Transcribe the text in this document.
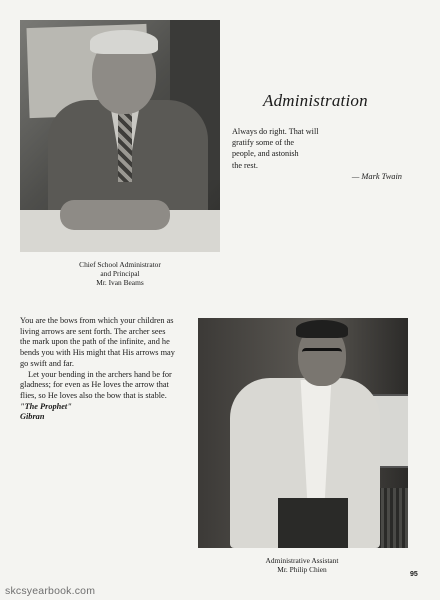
Chief School Administrator
and Principal
Mr. Ivan Beams
Administration
Always do right. That will
gratify some of the
people, and astonish
the rest.
— Mark Twain
You are the bows from which your children as
living arrows are sent forth. The archer sees
the mark upon the path of the infinite, and he
bends you with His might that His arrows may
go swift and far.
Let your bending in the archers hand be for
gladness; for even as He loves the arrow that
flies, so He loves also the bow that is stable.
"The Prophet"
Gibran
Administrative Assistant
Mr. Philip Chien
95
skcsyearbook.com
